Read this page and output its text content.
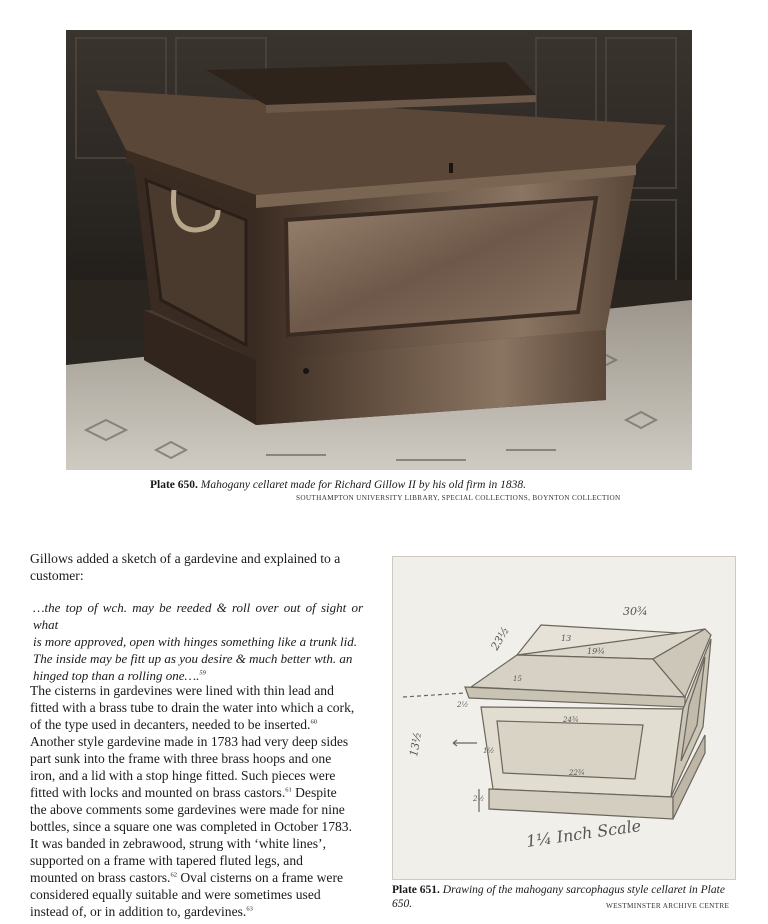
Plate 650. Mahogany cellaret made for Richard Gillow II by his old firm in 1838.
SOUTHAMPTON UNIVERSITY LIBRARY, SPECIAL COLLECTIONS, BOYNTON COLLECTION
Gillows added a sketch of a gardevine and explained to a
customer:
…the top of wch. may be reeded & roll over out of sight or what
is more approved, open with hinges something like a trunk lid.
The inside may be fitt up as you desire & much better wth. an
hinged top than a rolling one….$^{59}$
The cisterns in gardevines were lined with thin lead and
fitted with a brass tube to drain the water into which a cork,
of the type used in decanters, needed to be inserted.$^{60}$
Another style gardevine made in 1783 had very deep sides
part sunk into the frame with three brass hoops and one
iron, and a lid with a stop hinge fitted. Such pieces were
fitted with locks and mounted on brass castors.$^{61}$ Despite
the above comments some gardevines were made for nine
bottles, since a square one was completed in October 1783.
It was banded in zebrawood, strung with ‘white lines’,
supported on a frame with tapered fluted legs, and
mounted on brass castors.$^{62}$ Oval cisterns on a frame were
considered equally suitable and were sometimes used
instead of, or in addition to, gardevines.$^{63}$
30¾
23½	19¾
13
15
2½
24¾
22¾
13½	1½
2½
1¼ Inch Scale
Plate 651. Drawing of the mahogany sarcophagus style cellaret in Plate
650.	WESTMINSTER ARCHIVE CENTRE
